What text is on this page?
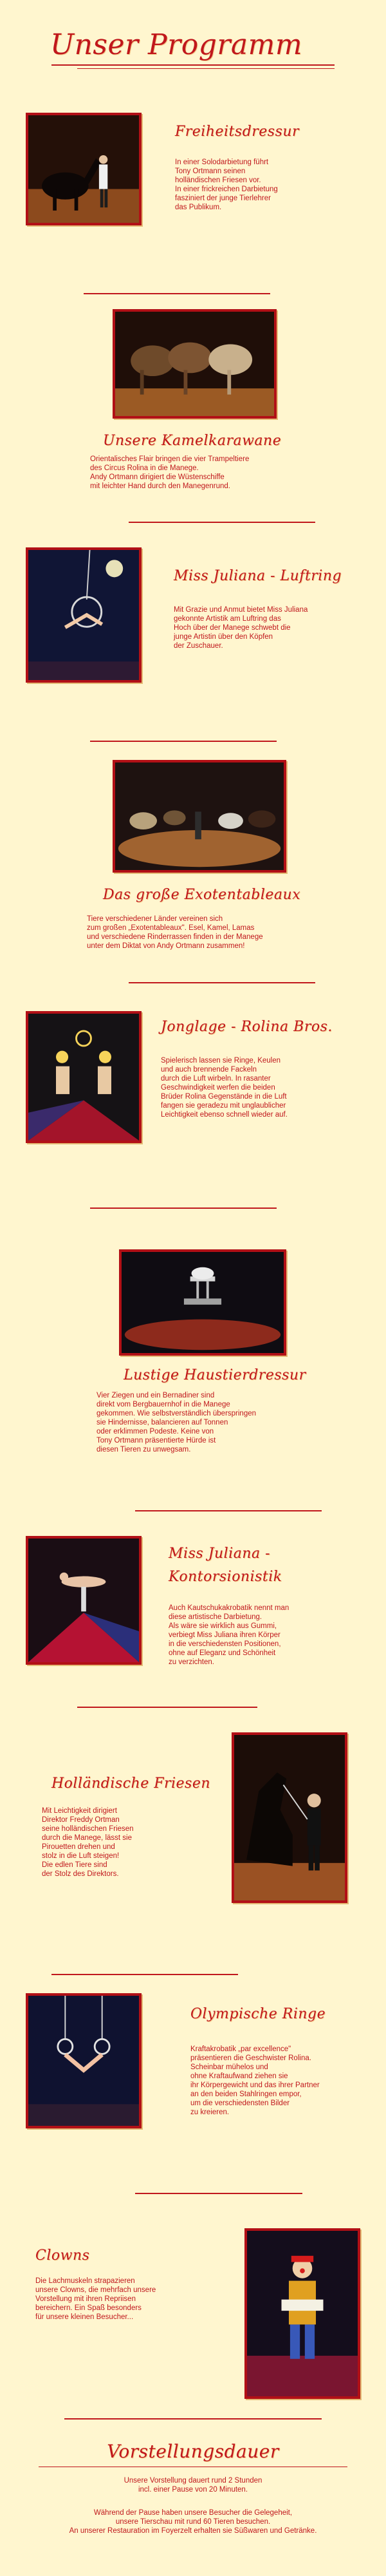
Unser Programm
Freiheitsdressur
In einer Solodarbietung führt
Tony Ortmann seinen
holländischen Friesen vor.
In einer frickreichen Darbietung
fasziniert der junge Tierlehrer
das Publikum.
Unsere Kamelkarawane
Orientalisches Flair bringen die vier Trampeltiere
des Circus Rolina in die Manege.
Andy Ortmann dirigiert die Wüstenschiffe
mit leichter Hand durch den Manegenrund.
Miss Juliana - Luftring
Mit Grazie und Anmut bietet Miss Juliana
gekonnte Artistik am Luftring das
Hoch über der Manege schwebt die
junge Artistin über den Köpfen
der Zuschauer.
Das große Exotentableaux
Tiere verschiedener Länder vereinen sich
zum großen „Exotentableaux". Esel, Kamel, Lamas
und verschiedene Rinderrassen finden in der Manege
unter dem Diktat von Andy Ortmann zusammen!
Jonglage - Rolina Bros.
Spielerisch lassen sie Ringe, Keulen
und auch brennende Fackeln
durch die Luft wirbeln. In rasanter
Geschwindigkeit werfen die beiden
Brüder Rolina Gegenstände in die Luft
fangen sie geradezu mit unglaublicher
Leichtigkeit ebenso schnell wieder auf.
Lustige Haustierdressur
Vier Ziegen und ein Bernadiner sind
direkt vom Bergbauernhof in die Manege
gekommen. Wie selbstverständlich überspringen
sie Hindernisse, balancieren auf Tonnen
oder erklimmen Podeste. Keine von
Tony Ortmann präsentierte Hürde ist
diesen Tieren zu unwegsam.
Miss Juliana -
Kontorsionistik
Auch Kautschukakrobatik nennt man
diese artistische Darbietung.
Als wäre sie wirklich aus Gummi,
verbiegt Miss Juliana ihren Körper
in die verschiedensten Positionen,
ohne auf Eleganz und Schönheit
zu verzichten.
Holländische Friesen
Mit Leichtigkeit dirigiert
Direktor Freddy Ortman
seine holländischen Friesen
durch die Manege, lässt sie
Pirouetten drehen und
stolz in die Luft steigen!
Die edlen Tiere sind
der Stolz des Direktors.
Olympische Ringe
Kraftakrobatik „par excellence"
präsentieren die Geschwister Rolina.
Scheinbar mühelos und
ohne Kraftaufwand ziehen sie
ihr Körpergewicht und das ihrer Partner
an den beiden Stahlringen empor,
um die verschiedensten Bilder
zu kreieren.
Clowns
Die Lachmuskeln strapazieren
unsere Clowns, die mehrfach unsere
Vorstellung mit ihren Repriisen
bereichern. Ein Spaß besonders
für unsere kleinen Besucher...
Vorstellungsdauer
Unsere Vorstellung dauert rund 2 Stunden
incl. einer Pause von 20 Minuten.
Während der Pause haben unsere Besucher die Gelegeheit,
unsere Tierschau mit rund 60 Tieren besuchen.
An unserer Restauration im Foyerzelt erhalten sie Süßwaren und Getränke.
